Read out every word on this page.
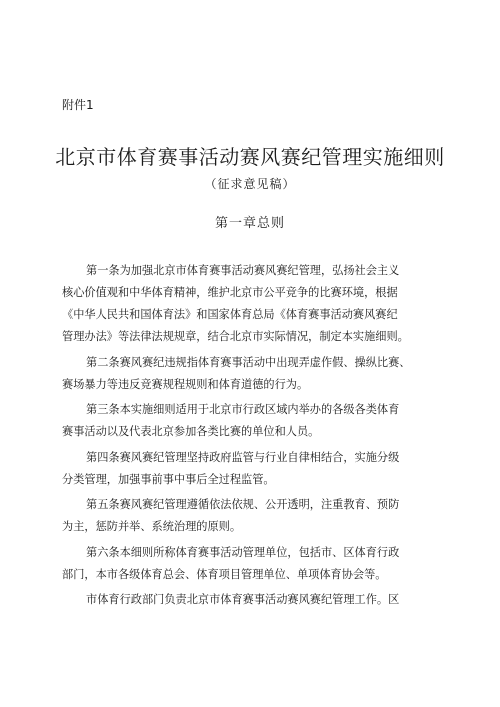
附件1
北京市体育赛事活动赛风赛纪管理实施细则
（征求意见稿）
第一章总则

第一条为加强北京市体育赛事活动赛风赛纪管理，弘扬社会主义
核心价值观和中华体育精神，维护北京市公平竞争的比赛环境，根据
《中华人民共和国体育法》和国家体育总局《体育赛事活动赛风赛纪
管理办法》等法律法规规章，结合北京市实际情况，制定本实施细则。

第二条赛风赛纪违规指体育赛事活动中出现弄虚作假、操纵比赛、
赛场暴力等违反竞赛规程规则和体育道德的行为。

第三条本实施细则适用于北京市行政区域内举办的各级各类体育
赛事活动以及代表北京参加各类比赛的单位和人员。

第四条赛风赛纪管理坚持政府监管与行业自律相结合，实施分级
分类管理，加强事前事中事后全过程监管。

第五条赛风赛纪管理遵循依法依规、公开透明，注重教育、预防
为主，惩防并举、系统治理的原则。

第六条本细则所称体育赛事活动管理单位，包括市、区体育行政
部门，本市各级体育总会、体育项目管理单位、单项体育协会等。

市体育行政部门负责北京市体育赛事活动赛风赛纪管理工作。区
